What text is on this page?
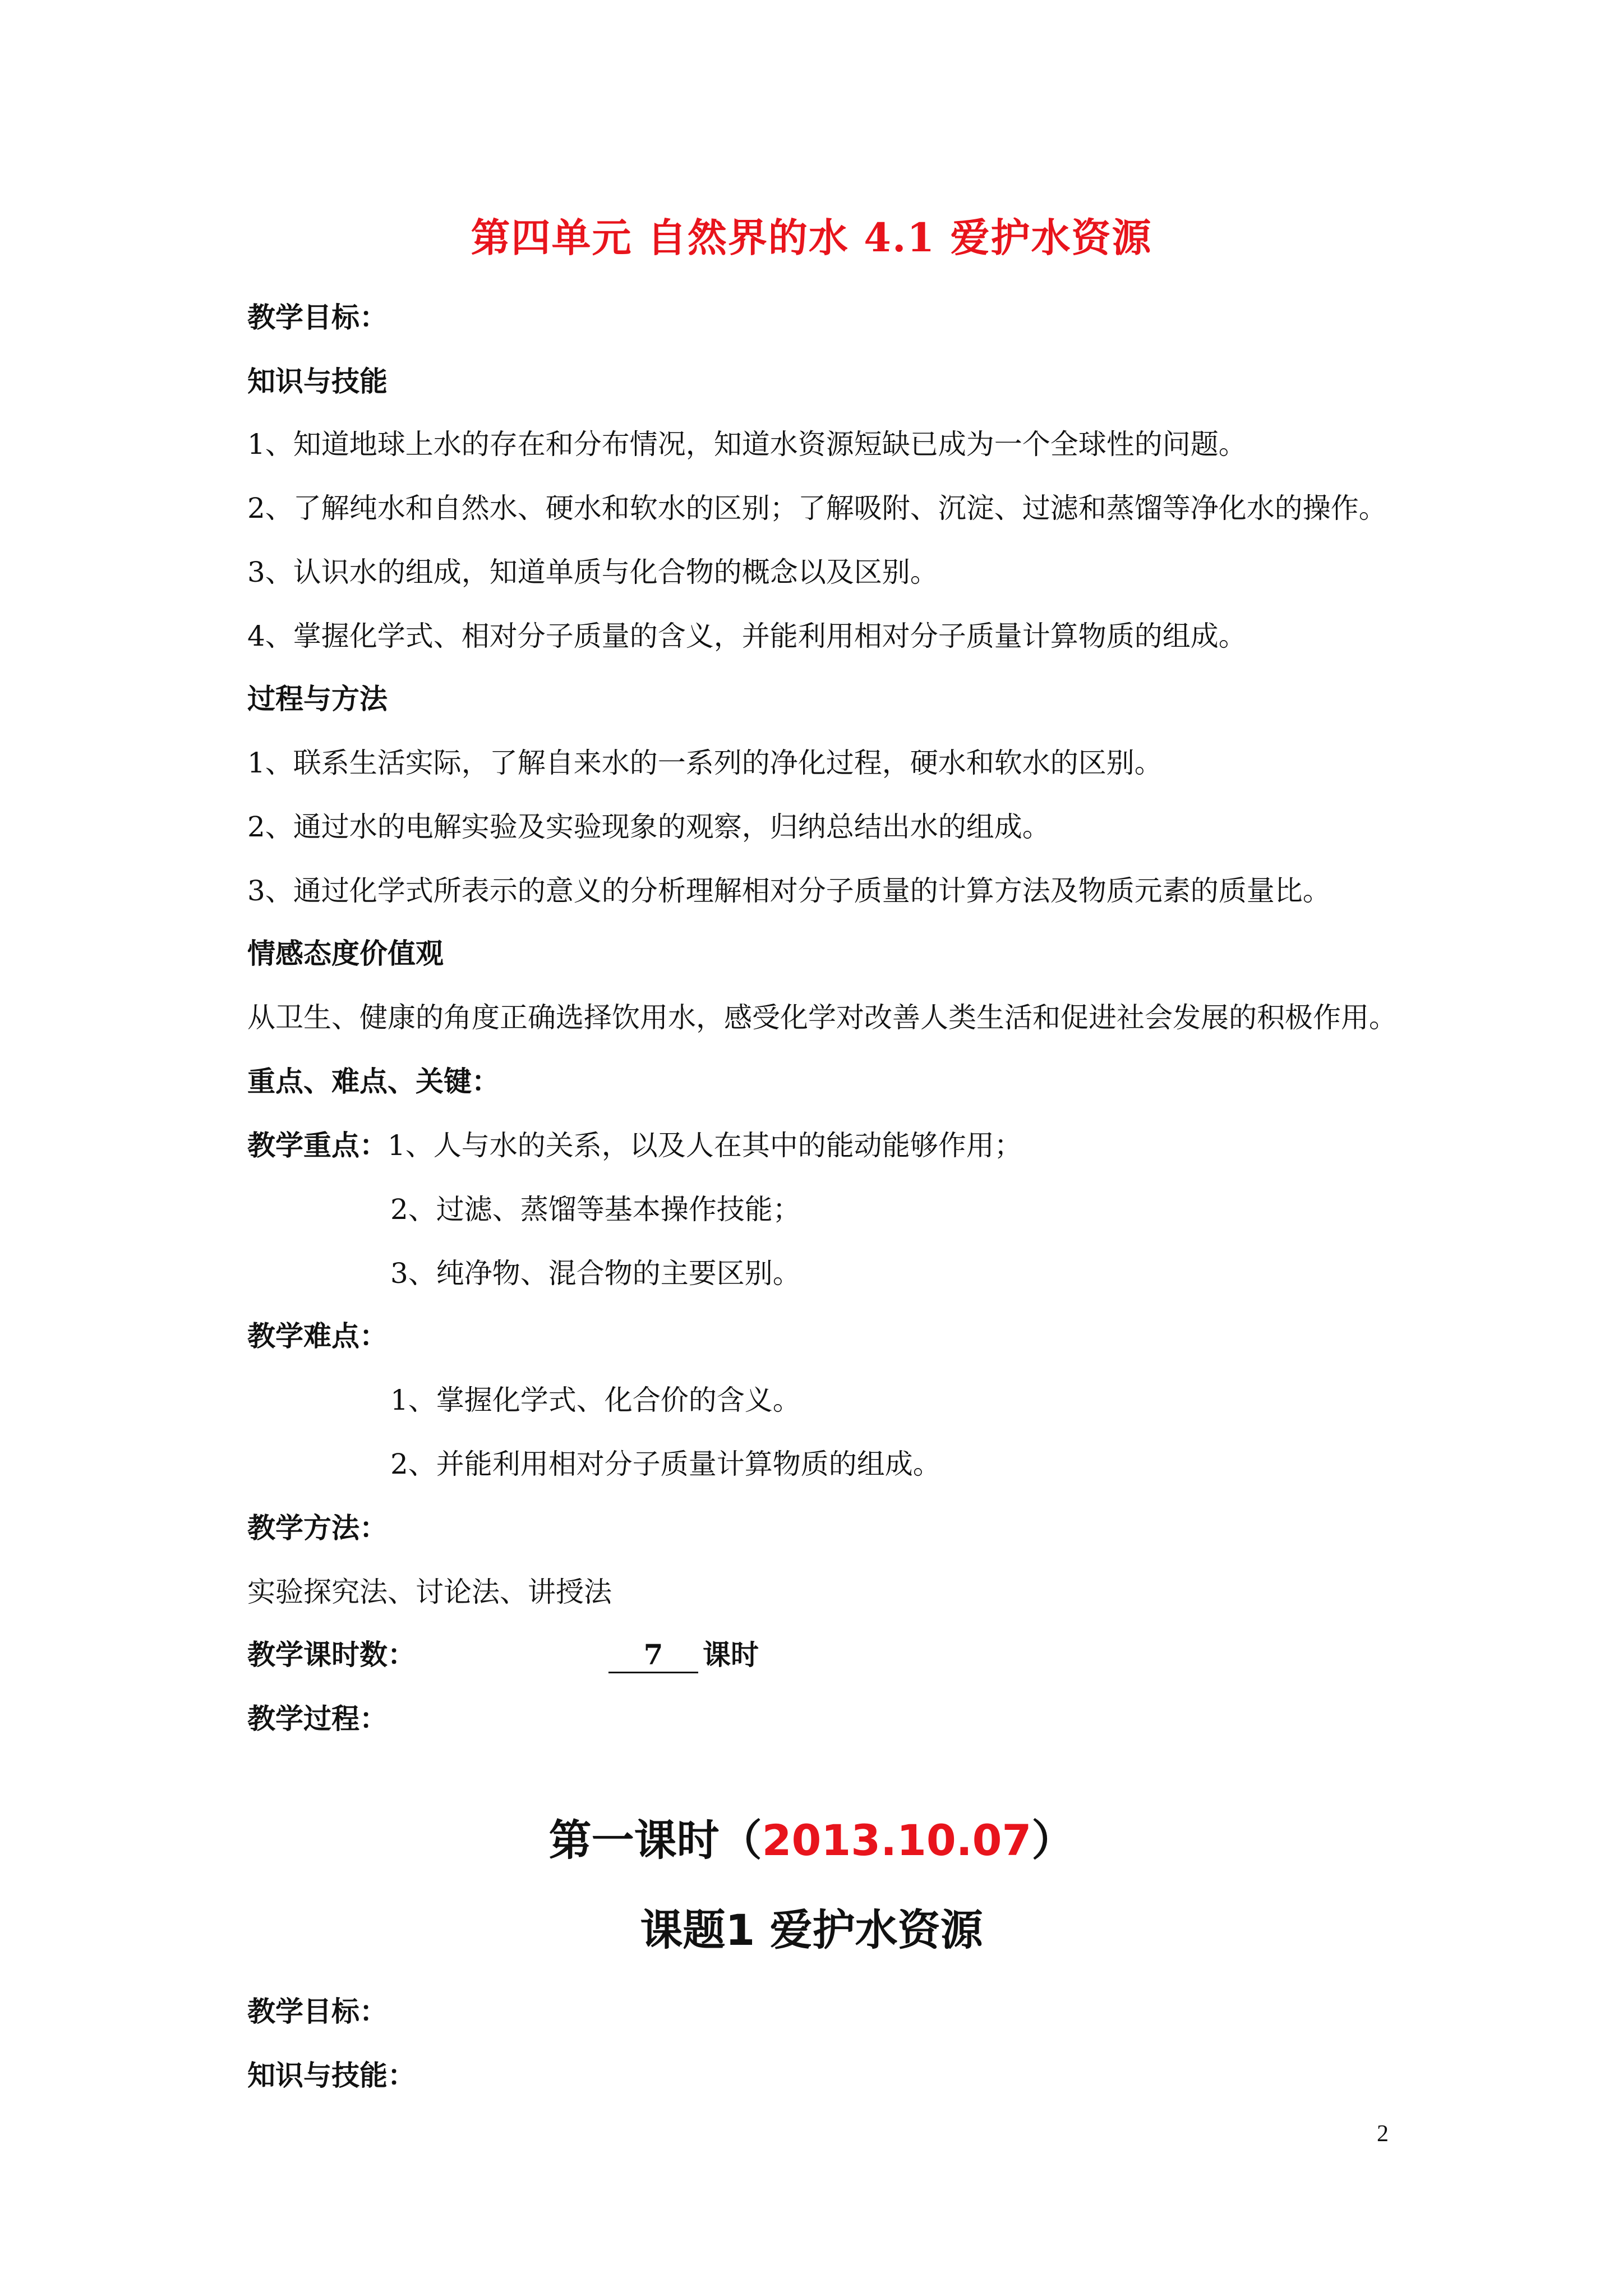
第四单元 自然界的水 4.1 爱护水资源
教学目标：
知识与技能
1、知道地球上水的存在和分布情况，知道水资源短缺已成为一个全球性的问题。
2、了解纯水和自然水、硬水和软水的区别；了解吸附、沉淀、过滤和蒸馏等净化水的操作。
3、认识水的组成，知道单质与化合物的概念以及区别。
4、掌握化学式、相对分子质量的含义，并能利用相对分子质量计算物质的组成。
过程与方法
1、联系生活实际，了解自来水的一系列的净化过程，硬水和软水的区别。
2、通过水的电解实验及实验现象的观察，归纳总结出水的组成。
3、通过化学式所表示的意义的分析理解相对分子质量的计算方法及物质元素的质量比。
情感态度价值观
从卫生、健康的角度正确选择饮用水，感受化学对改善人类生活和促进社会发展的积极作用。
重点、难点、关键：
教学重点：1、人与水的关系，以及人在其中的能动能够作用；
2、过滤、蒸馏等基本操作技能；
3、纯净物、混合物的主要区别。
教学难点：
1、掌握化学式、化合价的含义。
2、并能利用相对分子质量计算物质的组成。
教学方法：
实验探究法、讨论法、讲授法
教学课时数：	7 课时
教学过程：
第一课时（2013.10.07）
课题1 爱护水资源
教学目标：
知识与技能：
2
